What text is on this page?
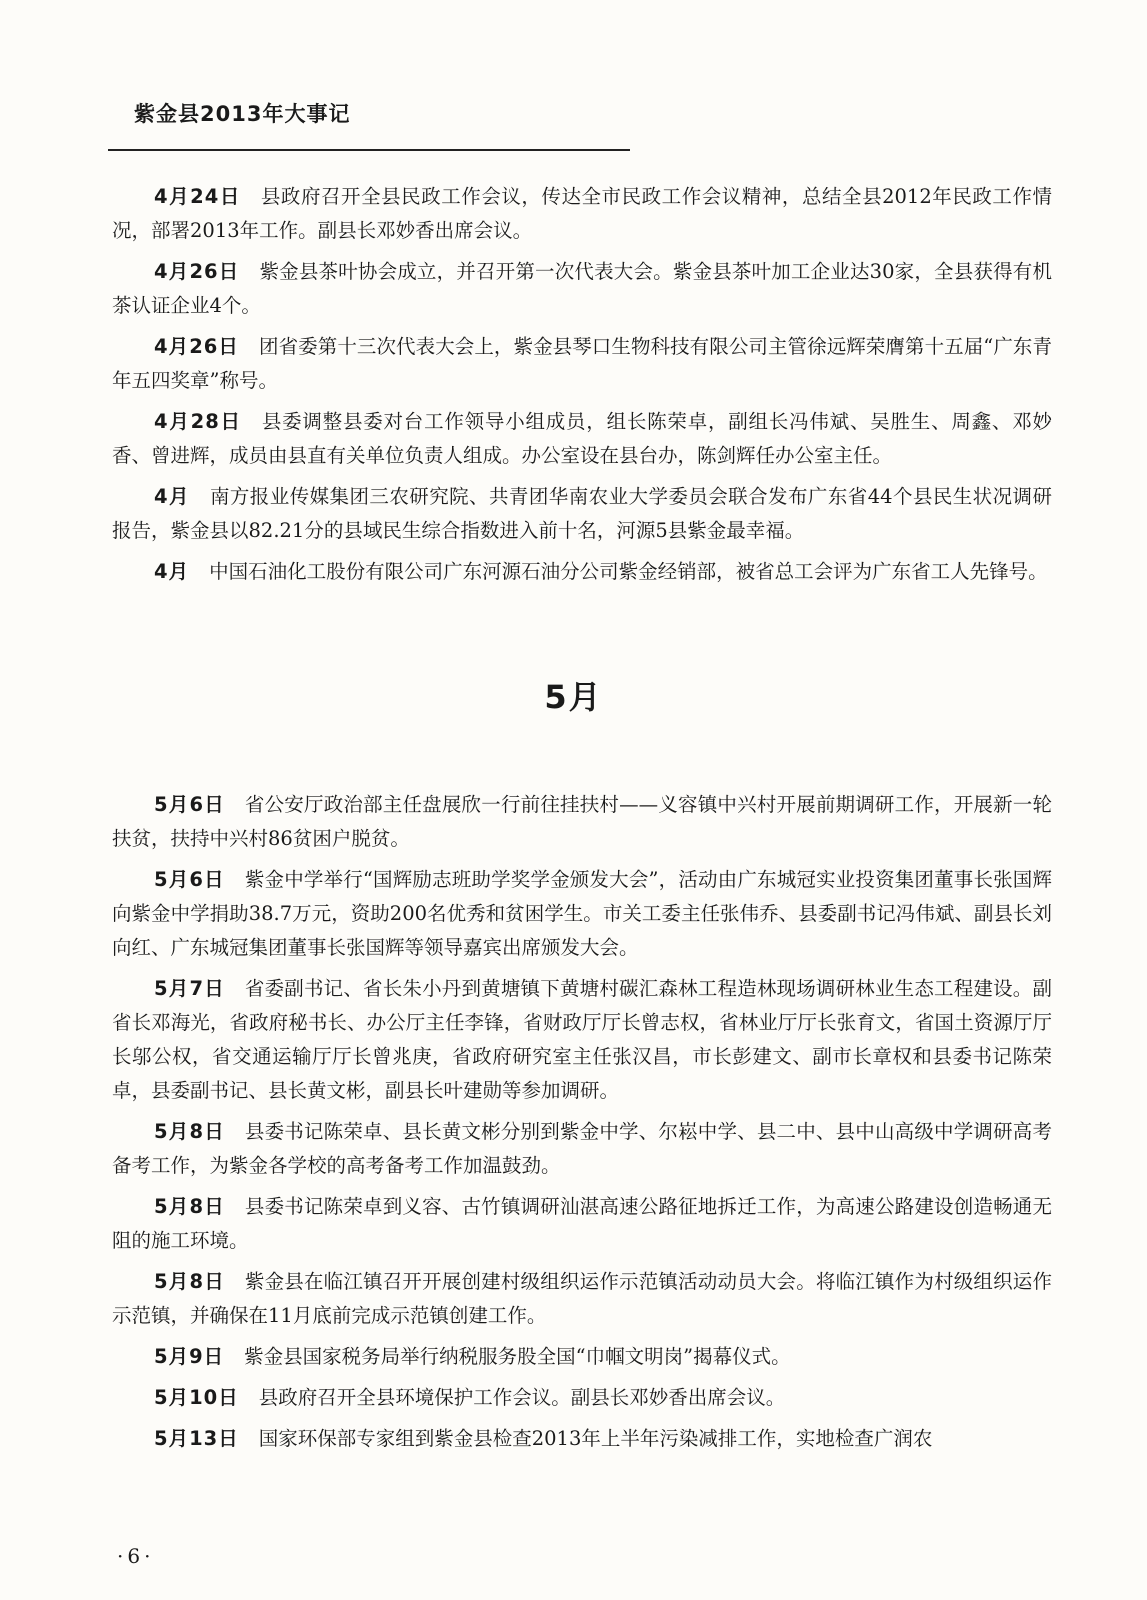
紫金县2013年大事记

4月24日 县政府召开全县民政工作会议，传达全市民政工作会议精神，总结全县2012年民政工作情况，部署2013年工作。副县长邓妙香出席会议。

4月26日 紫金县茶叶协会成立，并召开第一次代表大会。紫金县茶叶加工企业达30家，全县获得有机茶认证企业4个。

4月26日 团省委第十三次代表大会上，紫金县琴口生物科技有限公司主管徐远辉荣膺第十五届“广东青年五四奖章”称号。

4月28日 县委调整县委对台工作领导小组成员，组长陈荣卓，副组长冯伟斌、吴胜生、周鑫、邓妙香、曾进辉，成员由县直有关单位负责人组成。办公室设在县台办，陈剑辉任办公室主任。

4月 南方报业传媒集团三农研究院、共青团华南农业大学委员会联合发布广东省44个县民生状况调研报告，紫金县以82.21分的县域民生综合指数进入前十名，河源5县紫金最幸福。

4月 中国石油化工股份有限公司广东河源石油分公司紫金经销部，被省总工会评为广东省工人先锋号。

5月

5月6日 省公安厅政治部主任盘展欣一行前往挂扶村——义容镇中兴村开展前期调研工作，开展新一轮扶贫，扶持中兴村86贫困户脱贫。

5月6日 紫金中学举行“国辉励志班助学奖学金颁发大会”，活动由广东城冠实业投资集团董事长张国辉向紫金中学捐助38.7万元，资助200名优秀和贫困学生。市关工委主任张伟乔、县委副书记冯伟斌、副县长刘向红、广东城冠集团董事长张国辉等领导嘉宾出席颁发大会。

5月7日 省委副书记、省长朱小丹到黄塘镇下黄塘村碳汇森林工程造林现场调研林业生态工程建设。副省长邓海光，省政府秘书长、办公厅主任李锋，省财政厅厅长曾志权，省林业厅厅长张育文，省国土资源厅厅长邬公权，省交通运输厅厅长曾兆庚，省政府研究室主任张汉昌，市长彭建文、副市长章权和县委书记陈荣卓，县委副书记、县长黄文彬，副县长叶建勋等参加调研。

5月8日 县委书记陈荣卓、县长黄文彬分别到紫金中学、尔崧中学、县二中、县中山高级中学调研高考备考工作，为紫金各学校的高考备考工作加温鼓劲。

5月8日 县委书记陈荣卓到义容、古竹镇调研汕湛高速公路征地拆迁工作，为高速公路建设创造畅通无阻的施工环境。

5月8日 紫金县在临江镇召开开展创建村级组织运作示范镇活动动员大会。将临江镇作为村级组织运作示范镇，并确保在11月底前完成示范镇创建工作。

5月9日 紫金县国家税务局举行纳税服务股全国“巾帼文明岗”揭幕仪式。

5月10日 县政府召开全县环境保护工作会议。副县长邓妙香出席会议。

5月13日 国家环保部专家组到紫金县检查2013年上半年污染减排工作，实地检查广润农

·6·
